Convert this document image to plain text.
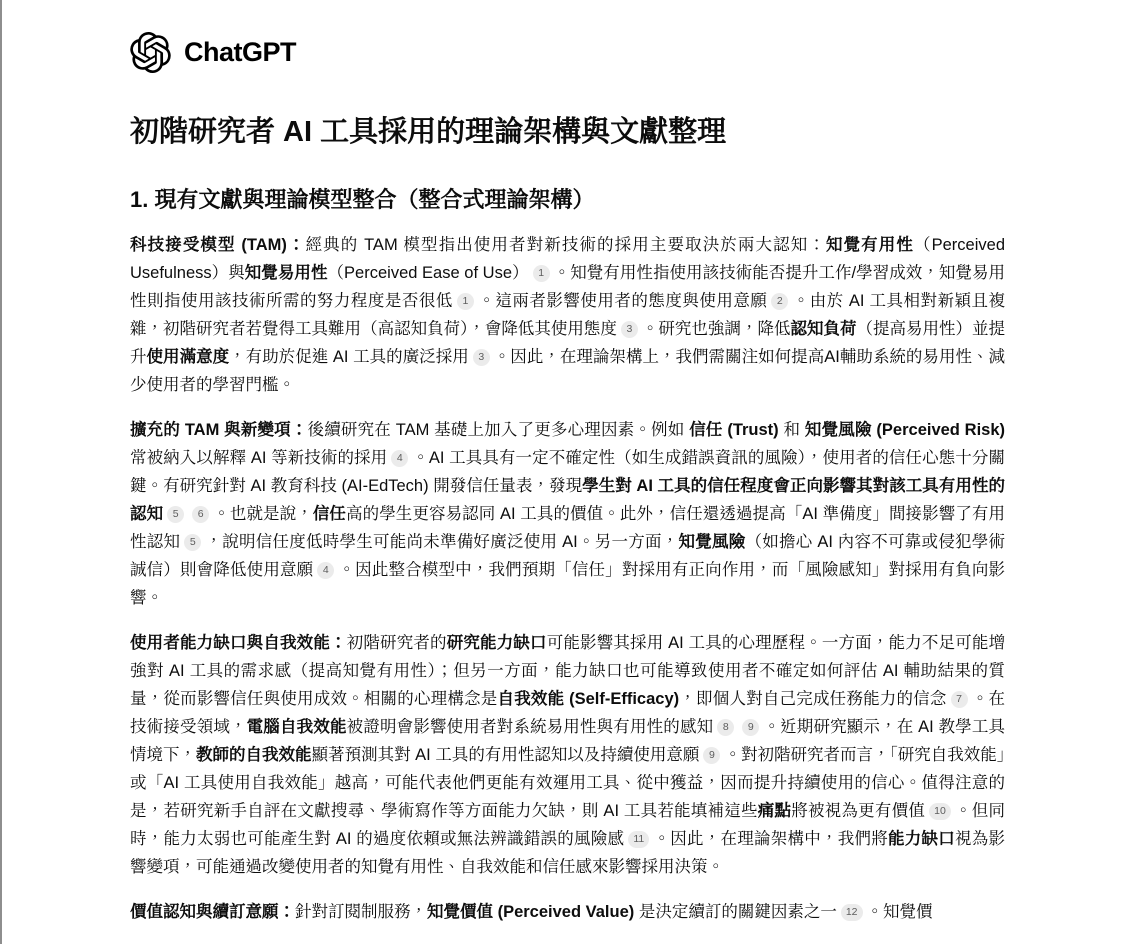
ChatGPT
初階研究者 AI 工具採用的理論架構與文獻整理
1. 現有文獻與理論模型整合（整合式理論架構）

科技接受模型 (TAM)：經典的 TAM 模型指出使用者對新技術的採用主要取決於兩大認知：知覺有用性（Perceived Usefulness）與知覺易用性（Perceived Ease of Use） 1 。知覺有用性指使用該技術能否提升工作/學習成效，知覺易用性則指使用該技術所需的努力程度是否很低 1 。這兩者影響使用者的態度與使用意願 2 。由於 AI 工具相對新穎且複雜，初階研究者若覺得工具難用（高認知負荷），會降低其使用態度 3 。研究也強調，降低認知負荷（提高易用性）並提升使用滿意度，有助於促進 AI 工具的廣泛採用 3 。因此，在理論架構上，我們需關注如何提高AI輔助系統的易用性、減少使用者的學習門檻。

擴充的 TAM 與新變項：後續研究在 TAM 基礎上加入了更多心理因素。例如 信任 (Trust) 和 知覺風險 (Perceived Risk) 常被納入以解釋 AI 等新技術的採用 4 。AI 工具具有一定不確定性（如生成錯誤資訊的風險），使用者的信任心態十分關鍵。有研究針對 AI 教育科技 (AI-EdTech) 開發信任量表，發現學生對 AI 工具的信任程度會正向影響其對該工具有用性的認知 5 6 。也就是說，信任高的學生更容易認同 AI 工具的價值。此外，信任還透過提高「AI 準備度」間接影響了有用性認知 5 ，說明信任度低時學生可能尚未準備好廣泛使用 AI。另一方面，知覺風險（如擔心 AI 內容不可靠或侵犯學術誠信）則會降低使用意願 4 。因此整合模型中，我們預期「信任」對採用有正向作用，而「風險感知」對採用有負向影響。

使用者能力缺口與自我效能：初階研究者的研究能力缺口可能影響其採用 AI 工具的心理歷程。一方面，能力不足可能增強對 AI 工具的需求感（提高知覺有用性）；但另一方面，能力缺口也可能導致使用者不確定如何評估 AI 輔助結果的質量，從而影響信任與使用成效。相關的心理構念是自我效能 (Self-Efficacy)，即個人對自己完成任務能力的信念 7 。在技術接受領域，電腦自我效能被證明會影響使用者對系統易用性與有用性的感知 8 9 。近期研究顯示，在 AI 教學工具情境下，教師的自我效能顯著預測其對 AI 工具的有用性認知以及持續使用意願 9 。對初階研究者而言，「研究自我效能」或「AI 工具使用自我效能」越高，可能代表他們更能有效運用工具、從中獲益，因而提升持續使用的信心。值得注意的是，若研究新手自評在文獻搜尋、學術寫作等方面能力欠缺，則 AI 工具若能填補這些痛點將被視為更有價值 10 。但同時，能力太弱也可能產生對 AI 的過度依賴或無法辨識錯誤的風險感 11 。因此，在理論架構中，我們將能力缺口視為影響變項，可能通過改變使用者的知覺有用性、自我效能和信任感來影響採用決策。

價值認知與續訂意願：針對訂閱制服務，知覺價值 (Perceived Value) 是決定續訂的關鍵因素之一 12 。知覺價
